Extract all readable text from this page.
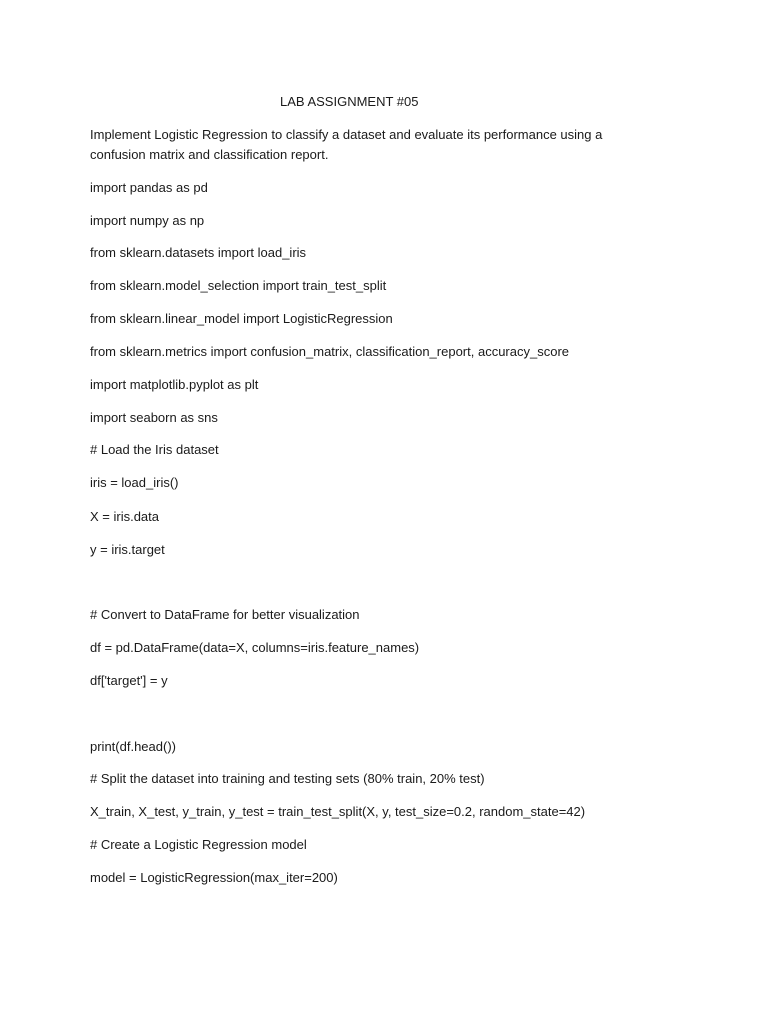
LAB ASSIGNMENT #05
Implement Logistic Regression to classify a dataset and evaluate its performance using a confusion matrix and classification report.
import pandas as pd
import numpy as np
from sklearn.datasets import load_iris
from sklearn.model_selection import train_test_split
from sklearn.linear_model import LogisticRegression
from sklearn.metrics import confusion_matrix, classification_report, accuracy_score
import matplotlib.pyplot as plt
import seaborn as sns
# Load the Iris dataset
iris = load_iris()
X = iris.data
y = iris.target
# Convert to DataFrame for better visualization
df = pd.DataFrame(data=X, columns=iris.feature_names)
df['target'] = y
print(df.head())
# Split the dataset into training and testing sets (80% train, 20% test)
X_train, X_test, y_train, y_test = train_test_split(X, y, test_size=0.2, random_state=42)
# Create a Logistic Regression model
model = LogisticRegression(max_iter=200)
